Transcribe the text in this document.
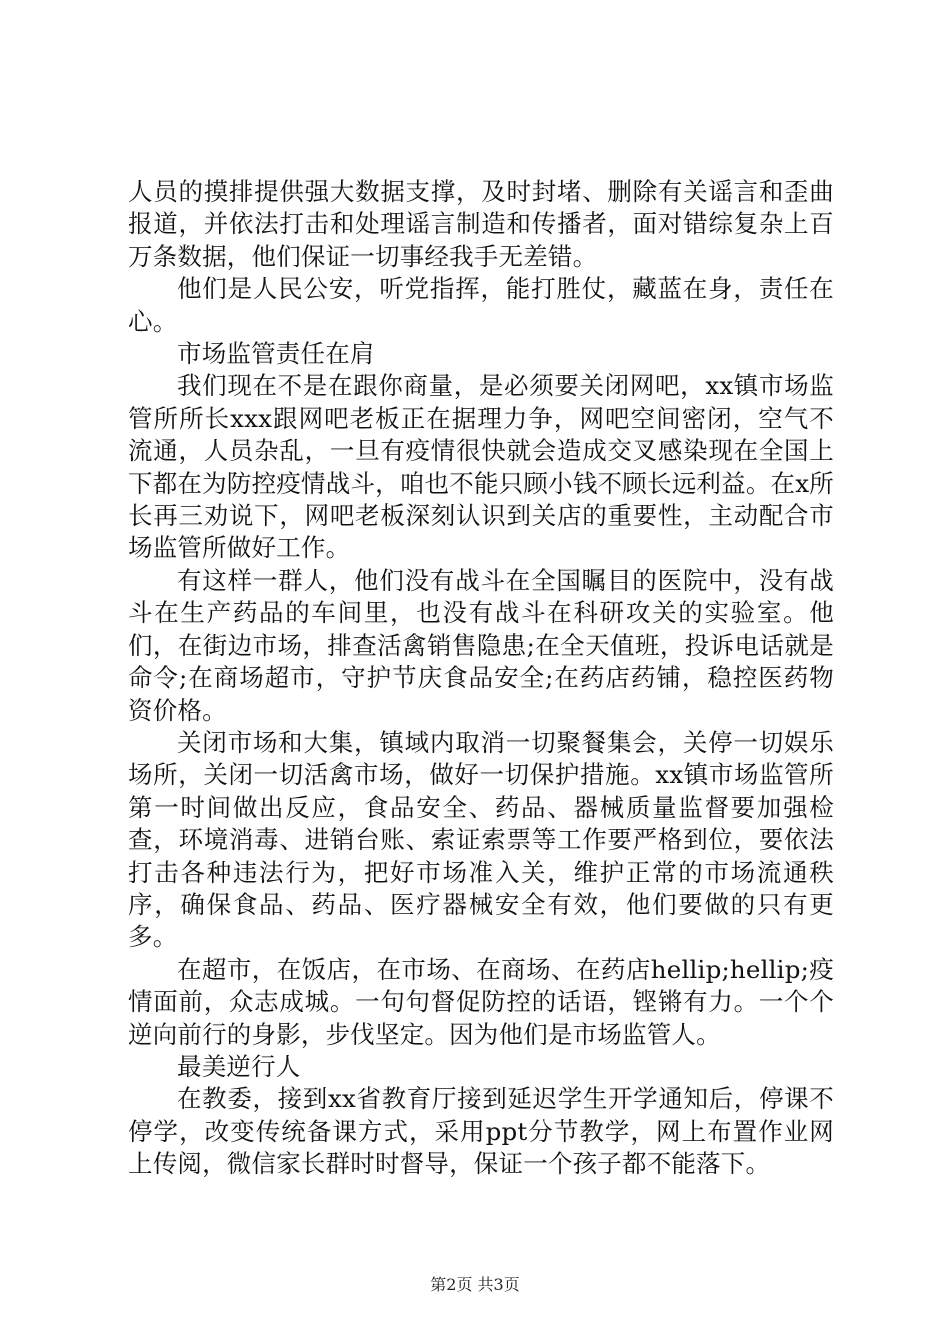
人员的摸排提供强大数据支撑，及时封堵、删除有关谣言和歪曲报道，并依法打击和处理谣言制造和传播者，面对错综复杂上百万条数据，他们保证一切事经我手无差错。

他们是人民公安，听党指挥，能打胜仗，藏蓝在身，责任在心。

市场监管责任在肩

我们现在不是在跟你商量，是必须要关闭网吧，xx镇市场监管所所长xxx跟网吧老板正在据理力争，网吧空间密闭，空气不流通，人员杂乱，一旦有疫情很快就会造成交叉感染现在全国上下都在为防控疫情战斗，咱也不能只顾小钱不顾长远利益。在x所长再三劝说下，网吧老板深刻认识到关店的重要性，主动配合市场监管所做好工作。

有这样一群人，他们没有战斗在全国瞩目的医院中，没有战斗在生产药品的车间里，也没有战斗在科研攻关的实验室。他们，在街边市场，排查活禽销售隐患;在全天值班，投诉电话就是命令;在商场超市，守护节庆食品安全;在药店药铺，稳控医药物资价格。

关闭市场和大集，镇域内取消一切聚餐集会，关停一切娱乐场所，关闭一切活禽市场，做好一切保护措施。xx镇市场监管所第一时间做出反应，食品安全、药品、器械质量监督要加强检查，环境消毒、进销台账、索证索票等工作要严格到位，要依法打击各种违法行为，把好市场准入关，维护正常的市场流通秩序，确保食品、药品、医疗器械安全有效，他们要做的只有更多。

在超市，在饭店，在市场、在商场、在药店hellip;hellip;疫情面前，众志成城。一句句督促防控的话语，铿锵有力。一个个逆向前行的身影，步伐坚定。因为他们是市场监管人。

最美逆行人

在教委，接到xx省教育厅接到延迟学生开学通知后，停课不停学，改变传统备课方式，采用ppt分节教学，网上布置作业网上传阅，微信家长群时时督导，保证一个孩子都不能落下。

第2页 共3页
